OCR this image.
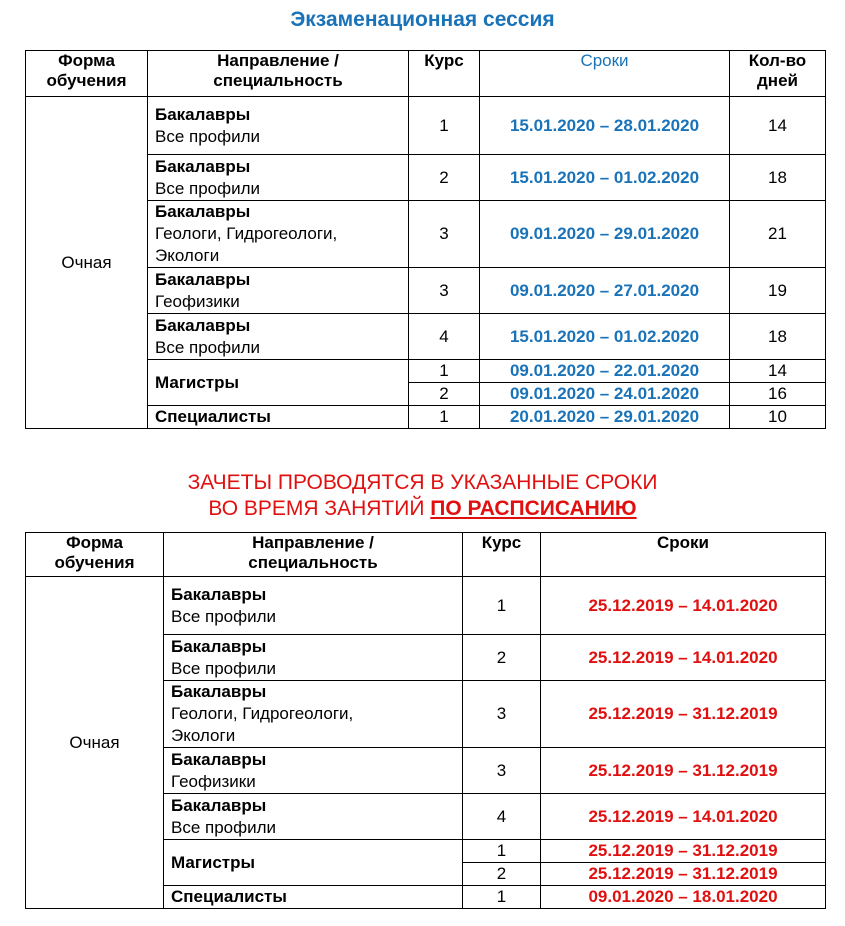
Экзаменационная сессия
Форма
обучения	Направление /
специальность	Курс	Сроки	Кол-во
дней
Очная	Бакалавры
Все профили	1	15.01.2020 – 28.01.2020	14

	Бакалавры
Все профили	2	15.01.2020 – 01.02.2020	18

	Бакалавры
Геологи, Гидрогеологи,
Экологи	3	09.01.2020 – 29.01.2020	21

	Бакалавры
Геофизики	3	09.01.2020 – 27.01.2020	19

	Бакалавры
Все профили	4	15.01.2020 – 01.02.2020	18

	Магистры	1	09.01.2020 – 22.01.2020	14
		2	09.01.2020 – 24.01.2020	16

	Специалисты	1	20.01.2020 – 29.01.2020	10
ЗАЧЕТЫ ПРОВОДЯТСЯ В УКАЗАННЫЕ СРОКИ
ВО ВРЕМЯ ЗАНЯТИЙ ПО РАСПСИСАНИЮ
Форма
обучения	Направление /
специальность	Курс	Сроки
Очная	Бакалавры
Все профили	1	25.12.2019 – 14.01.2020

	Бакалавры
Все профили	2	25.12.2019 – 14.01.2020

	Бакалавры
Геологи, Гидрогеологи,
Экологи	3	25.12.2019 – 31.12.2019

	Бакалавры
Геофизики	3	25.12.2019 – 31.12.2019

	Бакалавры
Все профили	4	25.12.2019 – 14.01.2020

	Магистры	1	25.12.2019 – 31.12.2019
		2	25.12.2019 – 31.12.2019

	Специалисты	1	09.01.2020 – 18.01.2020
